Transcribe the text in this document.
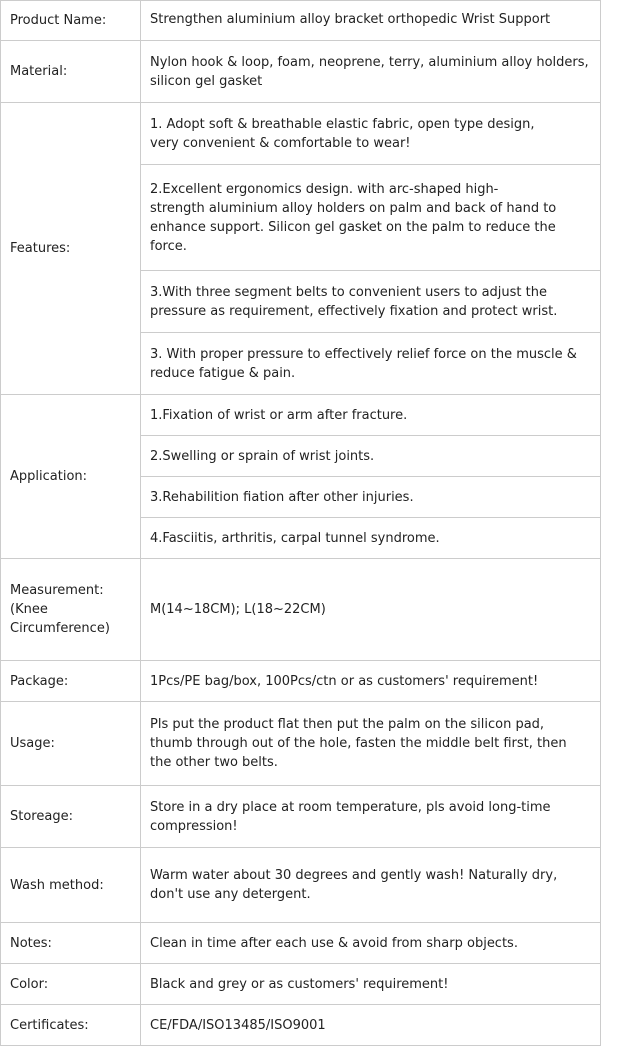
Product Name:	Strengthen aluminium alloy bracket orthopedic Wrist Support
Material:	Nylon hook & loop, foam, neoprene, terry, aluminium alloy holders,
silicon gel gasket
Features:	1. Adopt soft & breathable elastic fabric, open type design,
very convenient & comfortable to wear!
	2.Excellent ergonomics design. with arc-shaped high-
strength aluminium alloy holders on palm and back of hand to
enhance support. Silicon gel gasket on the palm to reduce the
force.
	3.With three segment belts to convenient users to adjust the
pressure as requirement, effectively fixation and protect wrist.
	3. With proper pressure to effectively relief force on the muscle &
reduce fatigue & pain.
Application:	1.Fixation of wrist or arm after fracture.
	2.Swelling or sprain of wrist joints.
	3.Rehabilition fiation after other injuries.
	4.Fasciitis, arthritis, carpal tunnel syndrome.
Measurement:
(Knee
Circumference)	M(14~18CM); L(18~22CM)
Package:	1Pcs/PE bag/box, 100Pcs/ctn or as customers' requirement!
Usage:	Pls put the product flat then put the palm on the silicon pad,
thumb through out of the hole, fasten the middle belt first, then
the other two belts.
Storeage:	Store in a dry place at room temperature, pls avoid long-time
compression!
Wash method:	Warm water about 30 degrees and gently wash! Naturally dry,
don't use any detergent.
Notes:	Clean in time after each use & avoid from sharp objects.
Color:	Black and grey or as customers' requirement!
Certificates:	CE/FDA/ISO13485/ISO9001
